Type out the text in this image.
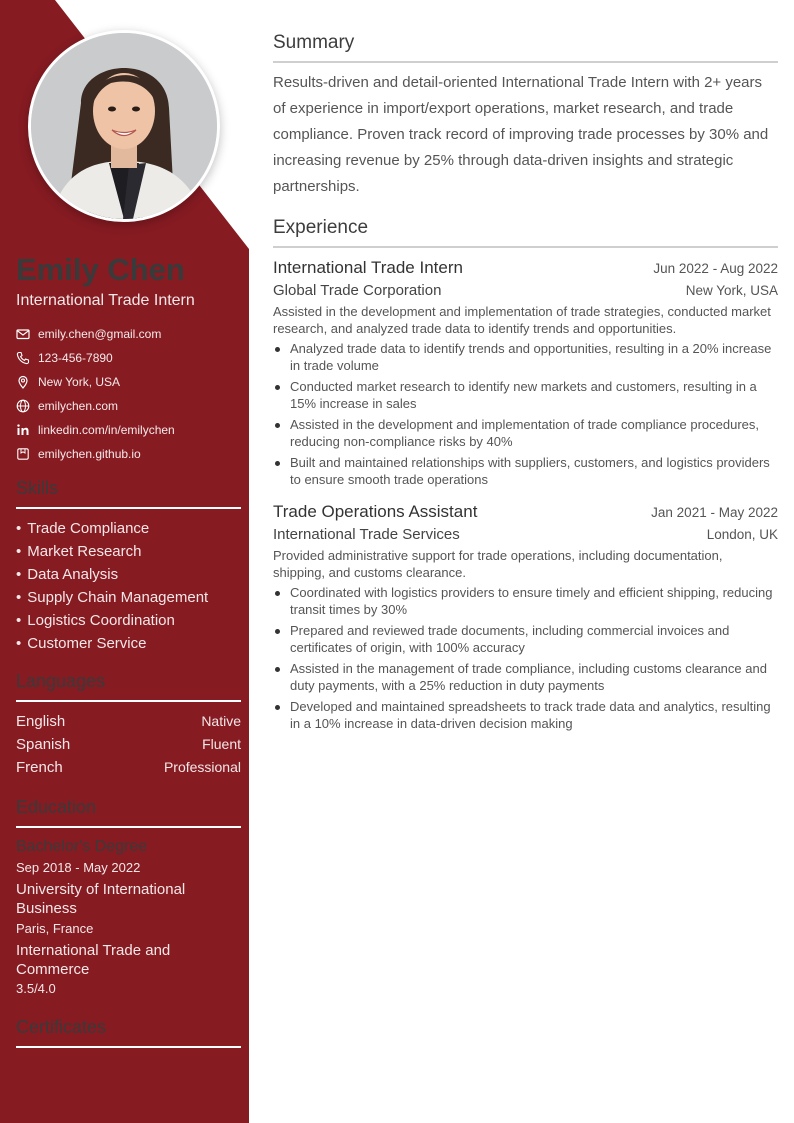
Emily Chen
International Trade Intern
emily.chen@gmail.com
123-456-7890
New York, USA
emilychen.com
linkedin.com/in/emilychen
emilychen.github.io
Skills
• Trade Compliance
• Market Research
• Data Analysis
• Supply Chain Management
• Logistics Coordination
• Customer Service
Languages
English	Native
Spanish	Fluent
French	Professional
Education
Bachelor's Degree
Sep 2018 - May 2022
University of International Business
Paris, France
International Trade and Commerce
3.5/4.0
Certificates
Summary
Results-driven and detail-oriented International Trade Intern with 2+ years of experience in import/export operations, market research, and trade compliance. Proven track record of improving trade processes by 30% and increasing revenue by 25% through data-driven insights and strategic partnerships.
Experience
International Trade Intern	Jun 2022 - Aug 2022
Global Trade Corporation	New York, USA
Assisted in the development and implementation of trade strategies, conducted market research, and analyzed trade data to identify trends and opportunities.
Analyzed trade data to identify trends and opportunities, resulting in a 20% increase in trade volume
Conducted market research to identify new markets and customers, resulting in a 15% increase in sales
Assisted in the development and implementation of trade compliance procedures, reducing non-compliance risks by 40%
Built and maintained relationships with suppliers, customers, and logistics providers to ensure smooth trade operations
Trade Operations Assistant	Jan 2021 - May 2022
International Trade Services	London, UK
Provided administrative support for trade operations, including documentation, shipping, and customs clearance.
Coordinated with logistics providers to ensure timely and efficient shipping, reducing transit times by 30%
Prepared and reviewed trade documents, including commercial invoices and certificates of origin, with 100% accuracy
Assisted in the management of trade compliance, including customs clearance and duty payments, with a 25% reduction in duty payments
Developed and maintained spreadsheets to track trade data and analytics, resulting in a 10% increase in data-driven decision making
